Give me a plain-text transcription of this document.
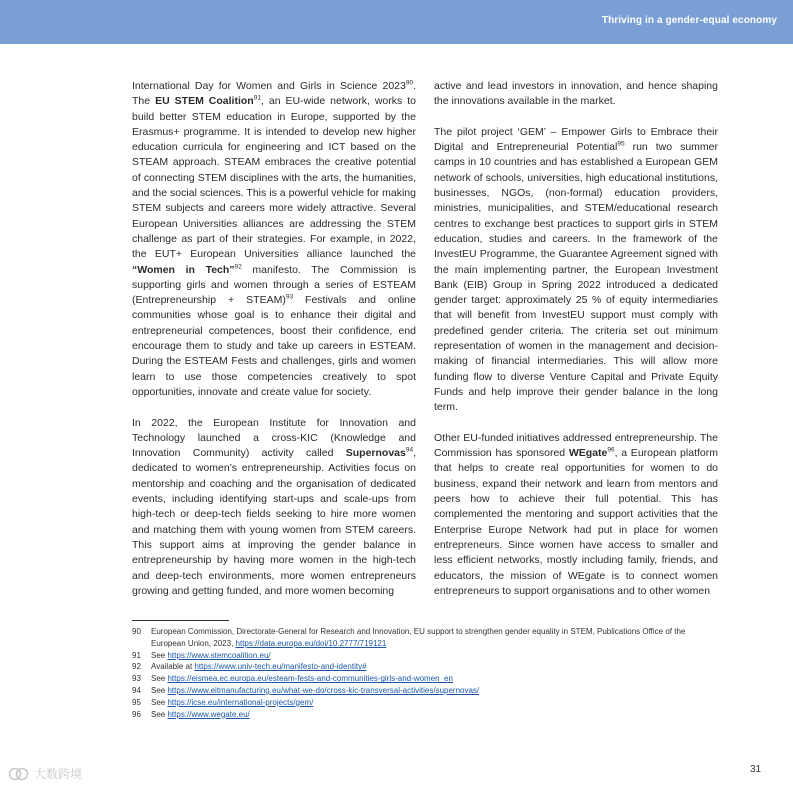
Thriving in a gender-equal economy

International Day for Women and Girls in Science 2023$^{90}$. The EU STEM Coalition$^{91}$, an EU-wide network, works to build better STEM education in Europe, supported by the Erasmus+ programme. It is intended to develop new higher education curricula for engineering and ICT based on the STEAM approach. STEAM embraces the creative potential of connecting STEM disciplines with the arts, the humanities, and the social sciences. This is a powerful vehicle for making STEM subjects and careers more widely attractive. Several European Universities alliances are addressing the STEM challenge as part of their strategies. For example, in 2022, the EUT+ European Universities alliance launched the “Women in Tech”$^{92}$ manifesto. The Commission is supporting girls and women through a series of ESTEAM (Entrepreneurship + STEAM)$^{93}$ Festivals and online communities whose goal is to enhance their digital and entrepreneurial competences, boost their confidence, end encourage them to study and take up careers in ESTEAM. During the ESTEAM Fests and challenges, girls and women learn to use those competencies creatively to spot opportunities, innovate and create value for society.

In 2022, the European Institute for Innovation and Technology launched a cross-KIC (Knowledge and Innovation Community) activity called Supernovas$^{94}$, dedicated to women’s entrepreneurship. Activities focus on mentorship and coaching and the organisation of dedicated events, including identifying start-ups and scale-ups from high-tech or deep-tech fields seeking to hire more women and matching them with young women from STEM careers. This support aims at improving the gender balance in entrepreneurship by having more women in the high-tech and deep-tech environments, more women entrepreneurs growing and getting funded, and more women becoming

active and lead investors in innovation, and hence shaping the innovations available in the market.

The pilot project ‘GEM’ – Empower Girls to Embrace their Digital and Entrepreneurial Potential$^{95}$ run two summer camps in 10 countries and has established a European GEM network of schools, universities, high educational institutions, businesses, NGOs, (non-formal) education providers, ministries, municipalities, and STEM/educational research centres to exchange best practices to support girls in STEM education, studies and careers. In the framework of the InvestEU Programme, the Guarantee Agreement signed with the main implementing partner, the European Investment Bank (EIB) Group in Spring 2022 introduced a dedicated gender target: approximately 25 % of equity intermediaries that will benefit from InvestEU support must comply with predefined gender criteria. The criteria set out minimum representation of women in the management and decision-making of financial intermediaries. This will allow more funding flow to diverse Venture Capital and Private Equity Funds and help improve their gender balance in the long term.

Other EU-funded initiatives addressed entrepreneurship. The Commission has sponsored WEgate$^{96}$, a European platform that helps to create real opportunities for women to do business, expand their network and learn from mentors and peers how to achieve their full potential. This has complemented the mentoring and support activities that the Enterprise Europe Network had put in place for women entrepreneurs. Since women have access to smaller and less efficient networks, mostly including family, friends, and educators, the mission of WEgate is to connect women entrepreneurs to support organisations and to other women

90	European Commission, Directorate-General for Research and Innovation, EU support to strengthen gender equality in STEM, Publications Office of the European Union, 2023, https://data.europa.eu/doi/10.2777/719121
91	See https://www.stemcoalition.eu/
92	Available at https://www.univ-tech.eu/manifesto-and-identity#
93	See https://eismea.ec.europa.eu/esteam-fests-and-communities-girls-and-women_en
94	See https://www.eitmanufacturing.eu/what-we-do/cross-kic-transversal-activities/supernovas/
95	See https://icse.eu/international-projects/gem/
96	See https://www.wegate.eu/
大数跨境	31
